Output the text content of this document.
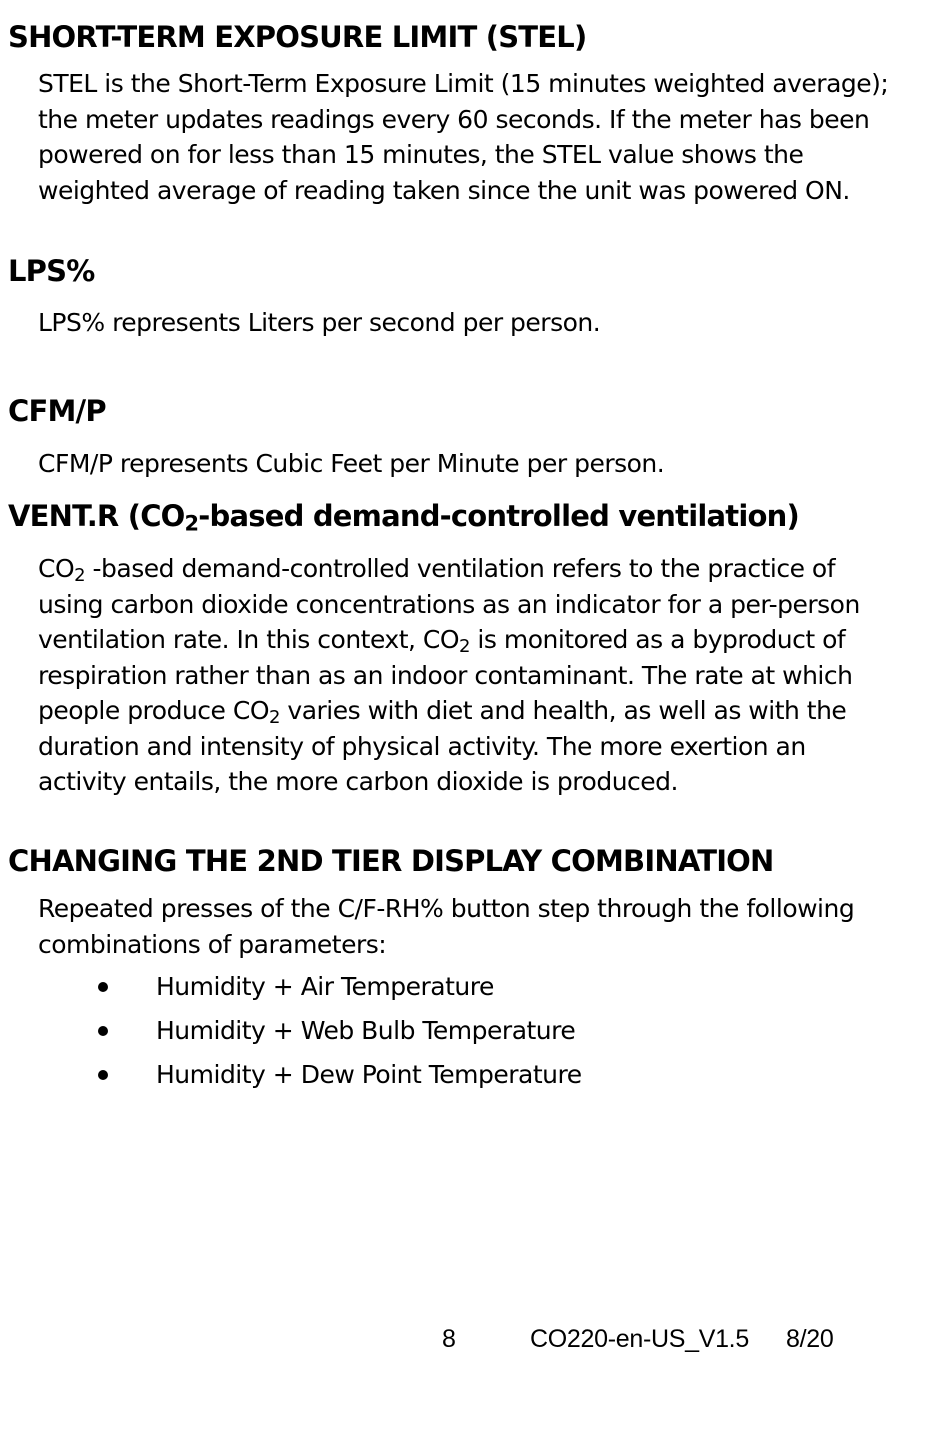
SHORT-TERM EXPOSURE LIMIT (STEL)

STEL is the Short-Term Exposure Limit (15 minutes weighted average);
the meter updates readings every 60 seconds. If the meter has been
powered on for less than 15 minutes, the STEL value shows the
weighted average of reading taken since the unit was powered ON.

LPS%

LPS% represents Liters per second per person.

CFM/P

CFM/P represents Cubic Feet per Minute per person.

VENT.R ($CO_2$-based demand-controlled ventilation)

$CO_2$ -based demand-controlled ventilation refers to the practice of
using carbon dioxide concentrations as an indicator for a per-person
ventilation rate. In this context, $CO_2$ is monitored as a byproduct of
respiration rather than as an indoor contaminant. The rate at which
people produce $CO_2$ varies with diet and health, as well as with the
duration and intensity of physical activity. The more exertion an
activity entails, the more carbon dioxide is produced.

CHANGING THE 2ND TIER DISPLAY COMBINATION

Repeated presses of the C/F-RH% button step through the following
combinations of parameters:

Humidity + Air Temperature
Humidity + Web Bulb Temperature
Humidity + Dew Point Temperature
8	CO220-en-US_V1.5 8/20
